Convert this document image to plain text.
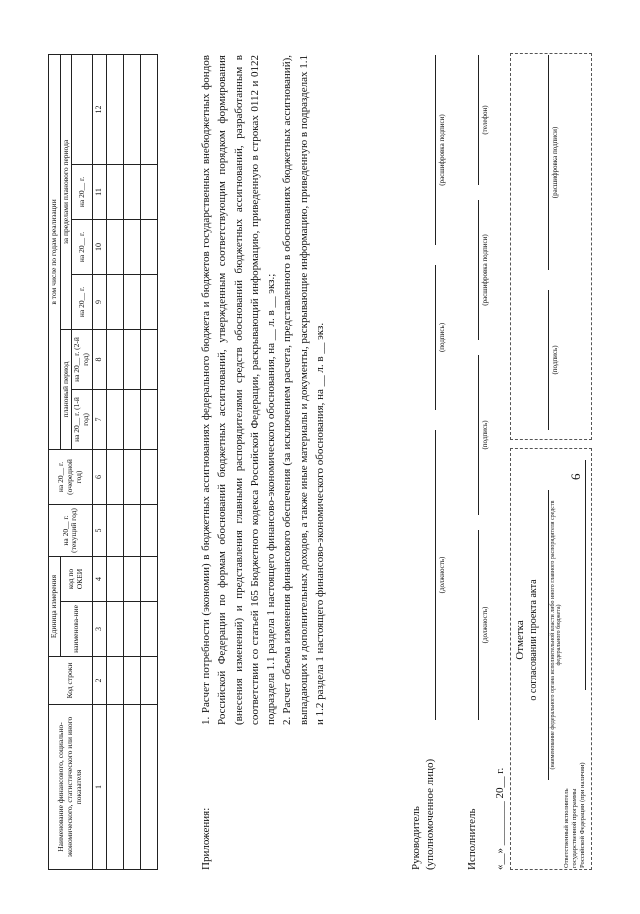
6
Наименование финансового, социально-экономического, статистического или иного показателя	Код строки	Единица измерения		на 20__ г. (текущий год)	на 20__ г. (очередной год)	в том числе по годам реализации					
		наименова-ние	код по ОКЕИ			плановый период		за пределами планового периода			
						на 20__ г. (1-й год)	на 20__ г. (2-й год)	на 20__ г.	на 20__ г.	на 20__ г.	
1	2	3	4	5	6	7	8	9	10	11	12

Приложения:

1. Расчет потребности (экономии) в бюджетных ассигнованиях федерального бюджета и бюджетов государственных внебюджетных фондов Российской Федерации по формам обоснований бюджетных ассигнований, утвержденным соответствующим порядком формирования (внесения изменений) и представления главными распорядителями средств обоснований бюджетных ассигнований, разработанным в соответствии со статьей 165 Бюджетного кодекса Российской Федерации, раскрывающий информацию, приведенную в строках 0112 и 0122 подраздела 1.1 раздела 1 настоящего финансово-экономического обоснования, на __ л. в __ экз.; 2. Расчет объема изменения финансового обеспечения (за исключением расчета, представленного в обоснованиях бюджетных ассигнований), выпадающих и дополнительных доходов, а также иные материалы и документы, раскрывающие информацию, приведенную в подразделах 1.1 и 1.2 раздела 1 настоящего финансово-экономического обоснования, на __ л. в __ экз.

Руководитель (уполномоченное лицо)
(должность)
(подпись)
(расшифровка подписи)
Исполнитель
(должность)
(подпись)
(расшифровка подписи)
(телефон)
«__» ________ 20__ г.
Отметка о согласовании проекта акта (наименование федерального органа исполнительной власти либо иного главного распорядителя средств федерального бюджета)
Ответственный исполнитель государственной программы Российской Федерации (при наличии)
(подпись)
(расшифровка подписи)
